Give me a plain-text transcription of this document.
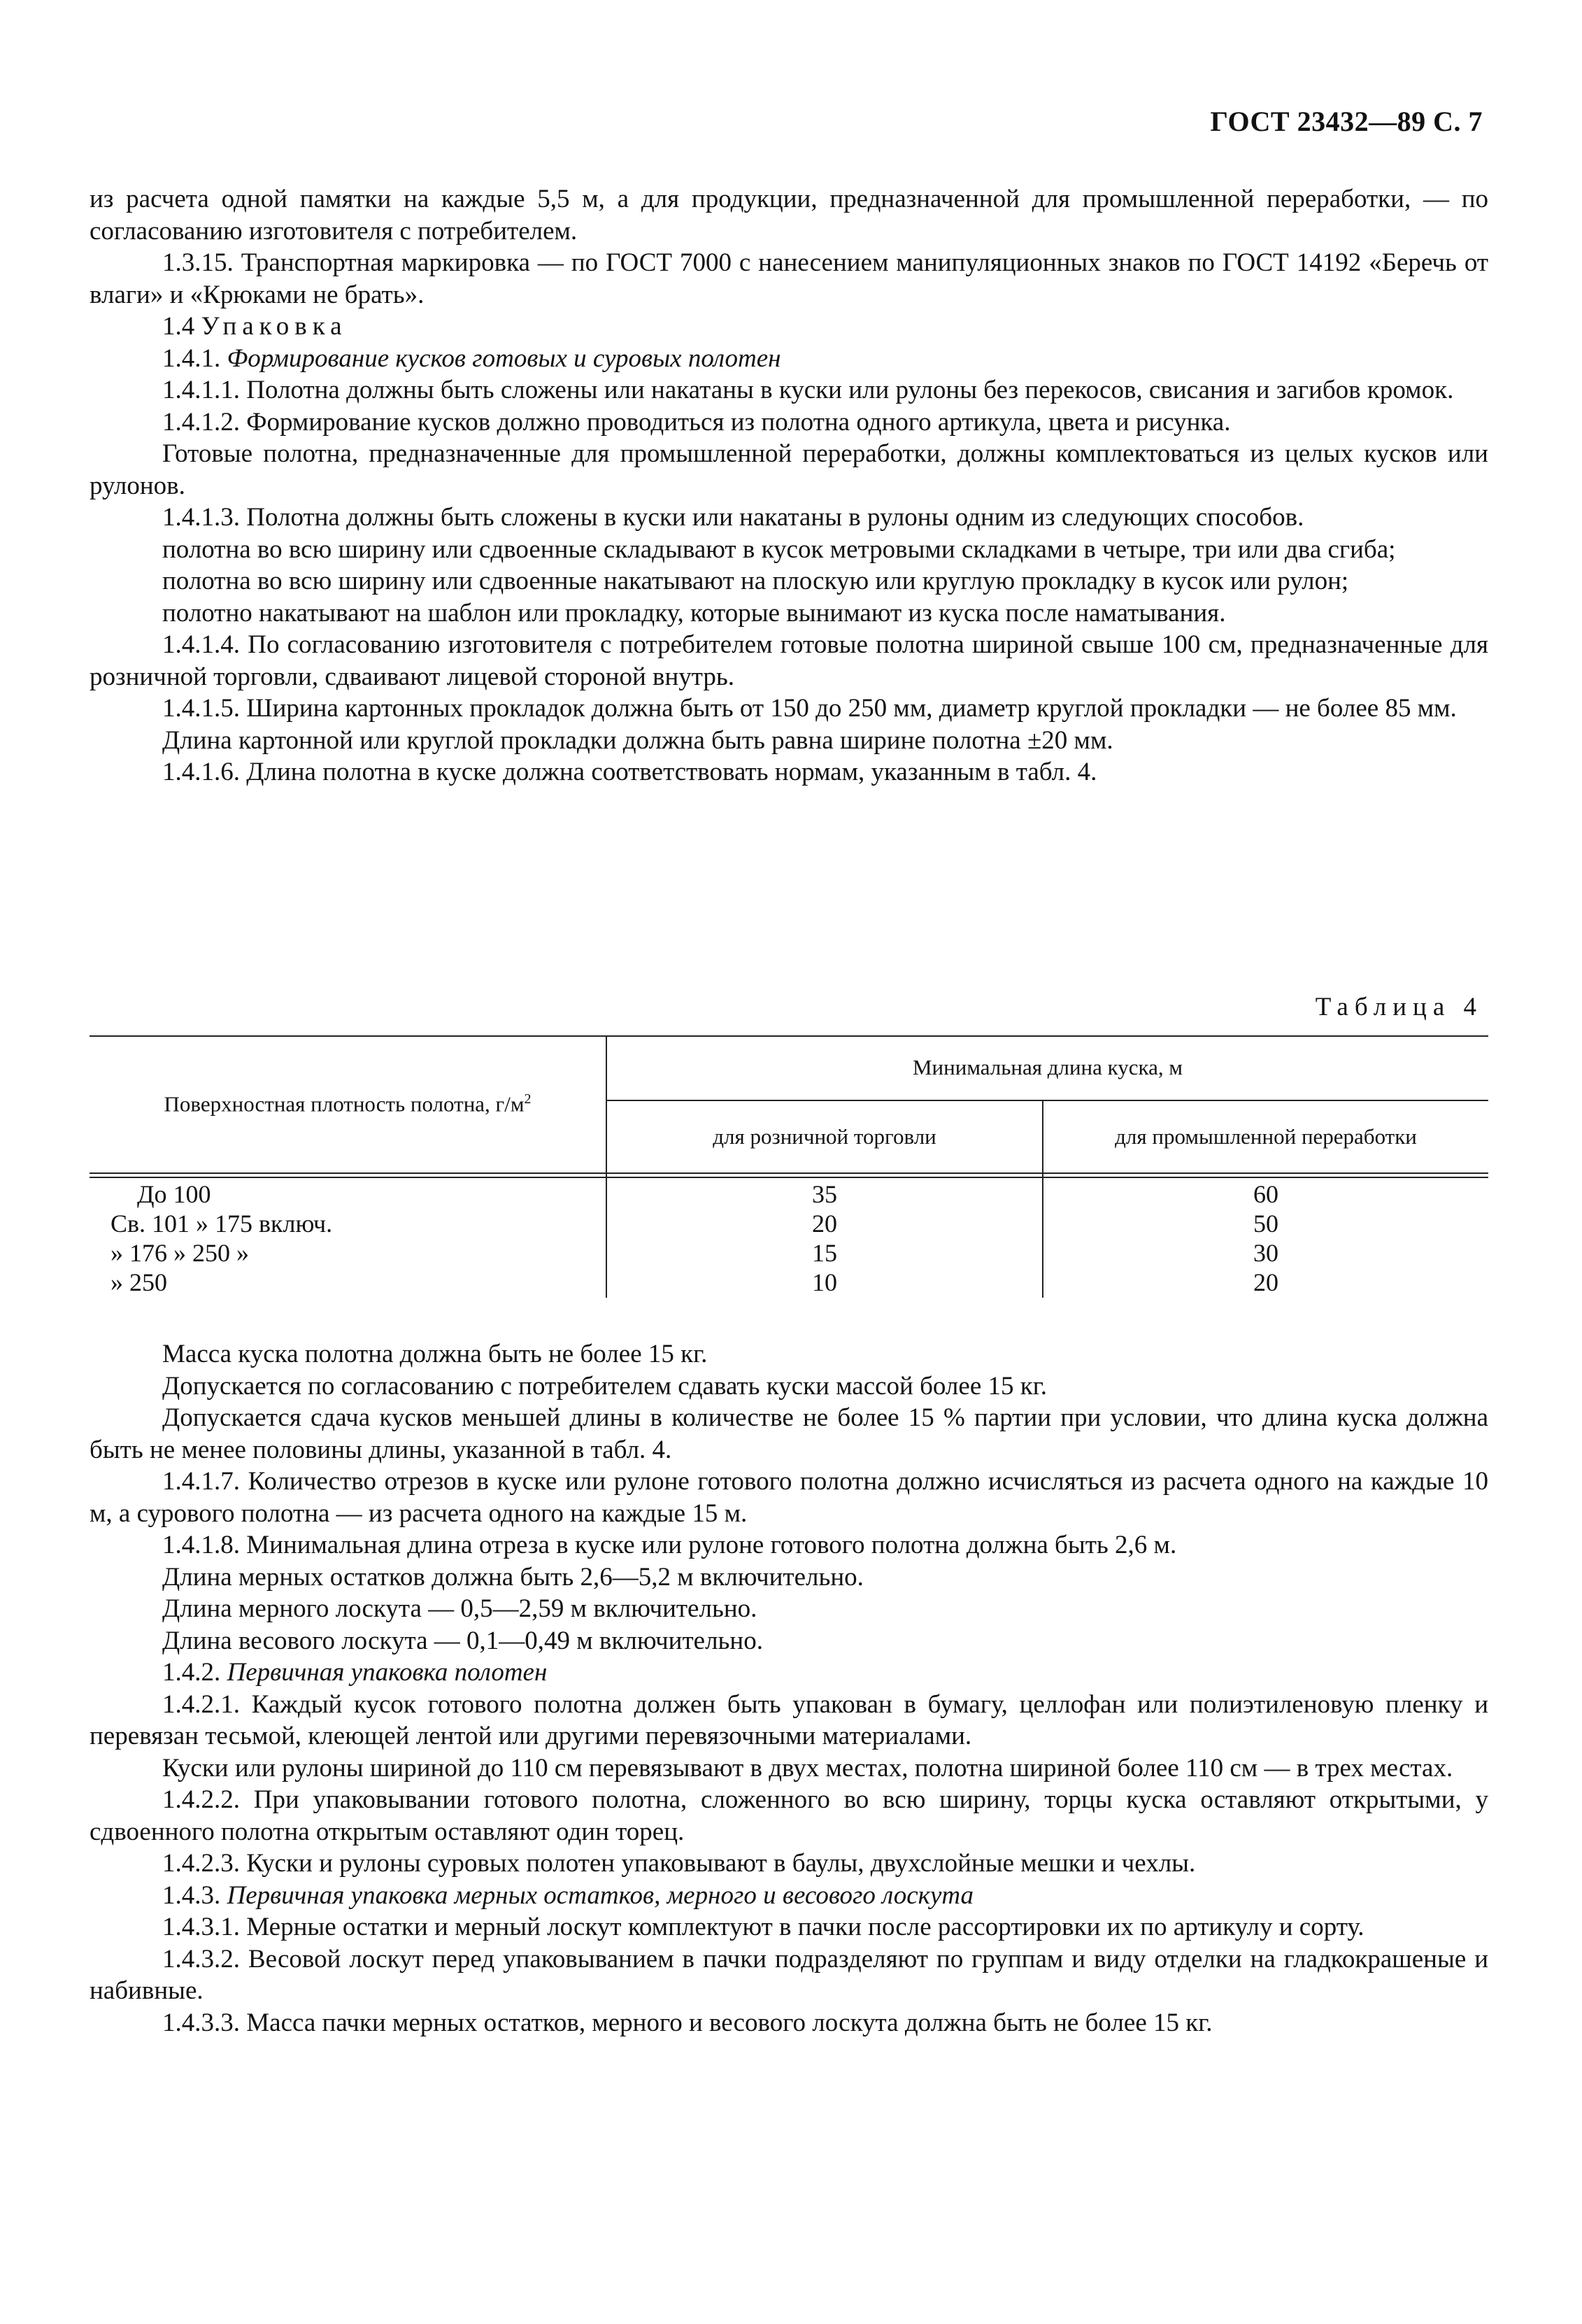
ГОСТ 23432—89 С. 7

из расчета одной памятки на каждые 5,5 м, а для продукции, предназначенной для промышленной переработки, — по согласованию изготовителя с потребителем.

1.3.15. Транспортная маркировка — по ГОСТ 7000 с нанесением манипуляционных знаков по ГОСТ 14192 «Беречь от влаги» и «Крюками не брать».

1.4 Упаковка

1.4.1. Формирование кусков готовых и суровых полотен

1.4.1.1. Полотна должны быть сложены или накатаны в куски или рулоны без перекосов, свисания и загибов кромок.

1.4.1.2. Формирование кусков должно проводиться из полотна одного артикула, цвета и рисунка.

Готовые полотна, предназначенные для промышленной переработки, должны комплектоваться из целых кусков или рулонов.

1.4.1.3. Полотна должны быть сложены в куски или накатаны в рулоны одним из следующих способов.

полотна во всю ширину или сдвоенные складывают в кусок метровыми складками в четыре, три или два сгиба;

полотна во всю ширину или сдвоенные накатывают на плоскую или круглую прокладку в кусок или рулон;

полотно накатывают на шаблон или прокладку, которые вынимают из куска после наматывания.

1.4.1.4. По согласованию изготовителя с потребителем готовые полотна шириной свыше 100 см, предназначенные для розничной торговли, сдваивают лицевой стороной внутрь.

1.4.1.5. Ширина картонных прокладок должна быть от 150 до 250 мм, диаметр круглой прокладки — не более 85 мм.

Длина картонной или круглой прокладки должна быть равна ширине полотна ±20 мм.

1.4.1.6. Длина полотна в куске должна соответствовать нормам, указанным в табл. 4.

Таблица 4
Поверхностная плотность полотна, $г/м^2$
Минимальная длина куска, м
для розничной торговли	для промышленной переработки
До 100
Св. 101 » 175 включ.
» 176 » 250 »
» 250
35
20
15
10
60
50
30
20

Масса куска полотна должна быть не более 15 кг.

Допускается по согласованию с потребителем сдавать куски массой более 15 кг.

Допускается сдача кусков меньшей длины в количестве не более 15 % партии при условии, что длина куска должна быть не менее половины длины, указанной в табл. 4.

1.4.1.7. Количество отрезов в куске или рулоне готового полотна должно исчисляться из расчета одного на каждые 10 м, а сурового полотна — из расчета одного на каждые 15 м.

1.4.1.8. Минимальная длина отреза в куске или рулоне готового полотна должна быть 2,6 м.

Длина мерных остатков должна быть 2,6—5,2 м включительно.

Длина мерного лоскута — 0,5—2,59 м включительно.

Длина весового лоскута — 0,1—0,49 м включительно.

1.4.2. Первичная упаковка полотен

1.4.2.1. Каждый кусок готового полотна должен быть упакован в бумагу, целлофан или полиэтиленовую пленку и перевязан тесьмой, клеющей лентой или другими перевязочными материалами.

Куски или рулоны шириной до 110 см перевязывают в двух местах, полотна шириной более 110 см — в трех местах.

1.4.2.2. При упаковывании готового полотна, сложенного во всю ширину, торцы куска оставляют открытыми, у сдвоенного полотна открытым оставляют один торец.

1.4.2.3. Куски и рулоны суровых полотен упаковывают в баулы, двухслойные мешки и чехлы.

1.4.3. Первичная упаковка мерных остатков, мерного и весового лоскута

1.4.3.1. Мерные остатки и мерный лоскут комплектуют в пачки после рассортировки их по артикулу и сорту.

1.4.3.2. Весовой лоскут перед упаковыванием в пачки подразделяют по группам и виду отделки на гладкокрашеные и набивные.

1.4.3.3. Масса пачки мерных остатков, мерного и весового лоскута должна быть не более 15 кг.
